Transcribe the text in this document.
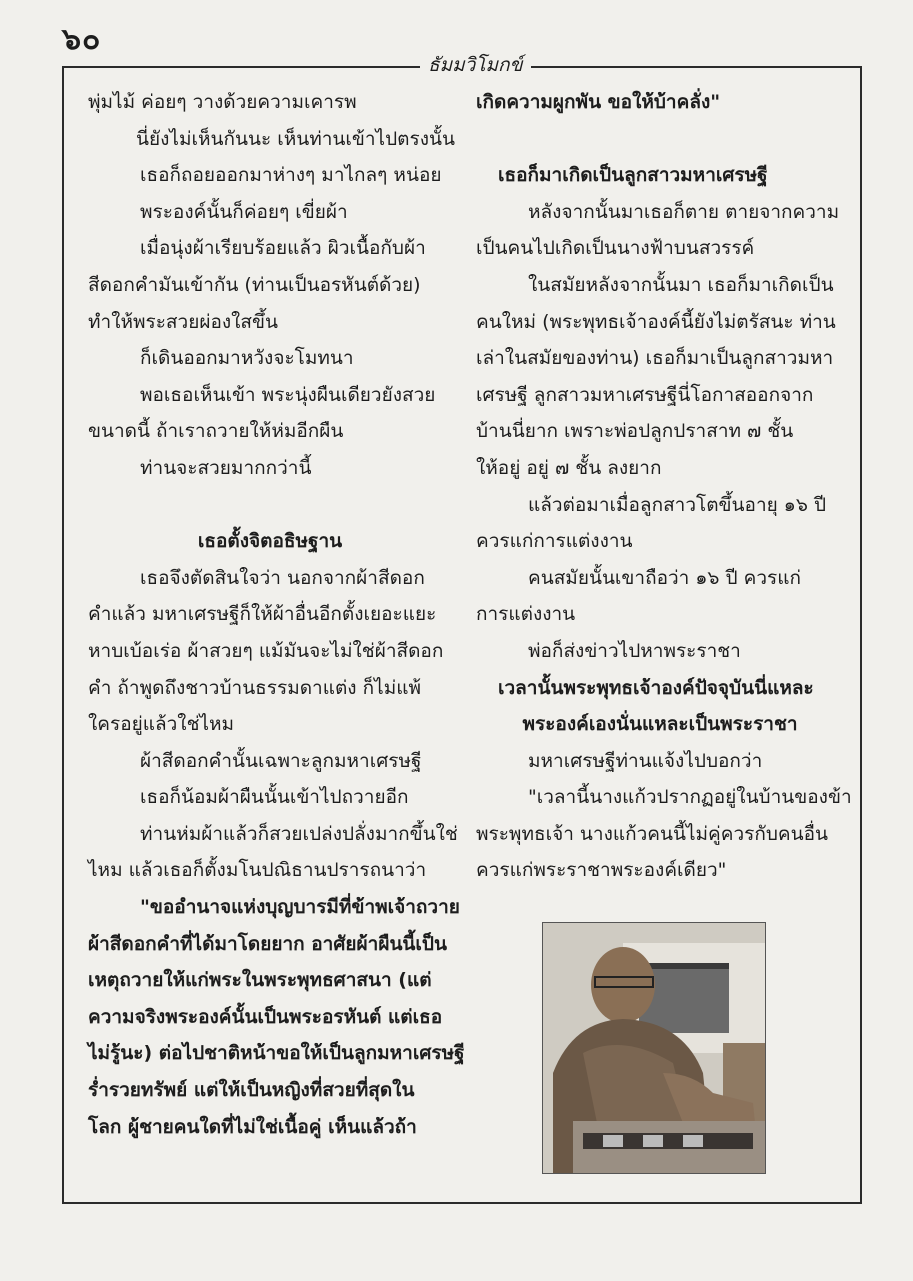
๖๐
ธัมมวิโมกข์
พุ่มไม้ ค่อยๆ วางด้วยความเคารพ
นี่ยังไม่เห็นกันนะ เห็นท่านเข้าไปตรงนั้น
เธอก็ถอยออกมาห่างๆ มาไกลๆ หน่อย
พระองค์นั้นก็ค่อยๆ เขี่ยผ้า
เมื่อนุ่งผ้าเรียบร้อยแล้ว ผิวเนื้อกับผ้า
สีดอกคำมันเข้ากัน (ท่านเป็นอรหันต์ด้วย)
ทำให้พระสวยผ่องใสขึ้น
ก็เดินออกมาหวังจะโมทนา
พอเธอเห็นเข้า พระนุ่งผืนเดียวยังสวย
ขนาดนี้ ถ้าเราถวายให้ห่มอีกผืน
ท่านจะสวยมากกว่านี้

เธอตั้งจิตอธิษฐาน
เธอจึงตัดสินใจว่า นอกจากผ้าสีดอก
คำแล้ว มหาเศรษฐีก็ให้ผ้าอื่นอีกตั้งเยอะแยะ
หาบเบ้อเร่อ ผ้าสวยๆ แม้มันจะไม่ใช่ผ้าสีดอก
คำ ถ้าพูดถึงชาวบ้านธรรมดาแต่ง ก็ไม่แพ้
ใครอยู่แล้วใช่ไหม
ผ้าสีดอกคำนั้นเฉพาะลูกมหาเศรษฐี
เธอก็น้อมผ้าผืนนั้นเข้าไปถวายอีก
ท่านห่มผ้าแล้วก็สวยเปล่งปลั่งมากขึ้นใช่
ไหม แล้วเธอก็ตั้งมโนปณิธานปรารถนาว่า
"ขออำนาจแห่งบุญบารมีที่ข้าพเจ้าถวาย
ผ้าสีดอกคำที่ได้มาโดยยาก อาศัยผ้าผืนนี้เป็น
เหตุถวายให้แก่พระในพระพุทธศาสนา (แต่
ความจริงพระองค์นั้นเป็นพระอรหันต์ แต่เธอ
ไม่รู้นะ) ต่อไปชาติหน้าขอให้เป็นลูกมหาเศรษฐี
ร่ำรวยทรัพย์ แต่ให้เป็นหญิงที่สวยที่สุดใน
โลก ผู้ชายคนใดที่ไม่ใช่เนื้อคู่ เห็นแล้วถ้า
เกิดความผูกพัน ขอให้บ้าคลั่ง"

เธอก็มาเกิดเป็นลูกสาวมหาเศรษฐี
หลังจากนั้นมาเธอก็ตาย ตายจากความ
เป็นคนไปเกิดเป็นนางฟ้าบนสวรรค์
ในสมัยหลังจากนั้นมา เธอก็มาเกิดเป็น
คนใหม่ (พระพุทธเจ้าองค์นี้ยังไม่ตรัสนะ ท่าน
เล่าในสมัยของท่าน) เธอก็มาเป็นลูกสาวมหา
เศรษฐี ลูกสาวมหาเศรษฐีนี่โอกาสออกจาก
บ้านนี่ยาก เพราะพ่อปลูกปราสาท ๗ ชั้น
ให้อยู่ อยู่ ๗ ชั้น ลงยาก
แล้วต่อมาเมื่อลูกสาวโตขึ้นอายุ ๑๖ ปี
ควรแก่การแต่งงาน
คนสมัยนั้นเขาถือว่า ๑๖ ปี ควรแก่
การแต่งงาน
พ่อก็ส่งข่าวไปหาพระราชา
เวลานั้นพระพุทธเจ้าองค์ปัจจุบันนี่แหละ
พระองค์เองนั่นแหละเป็นพระราชา
มหาเศรษฐีท่านแจ้งไปบอกว่า
"เวลานี้นางแก้วปรากฏอยู่ในบ้านของข้า
พระพุทธเจ้า นางแก้วคนนี้ไม่คู่ควรกับคนอื่น
ควรแก่พระราชาพระองค์เดียว"
